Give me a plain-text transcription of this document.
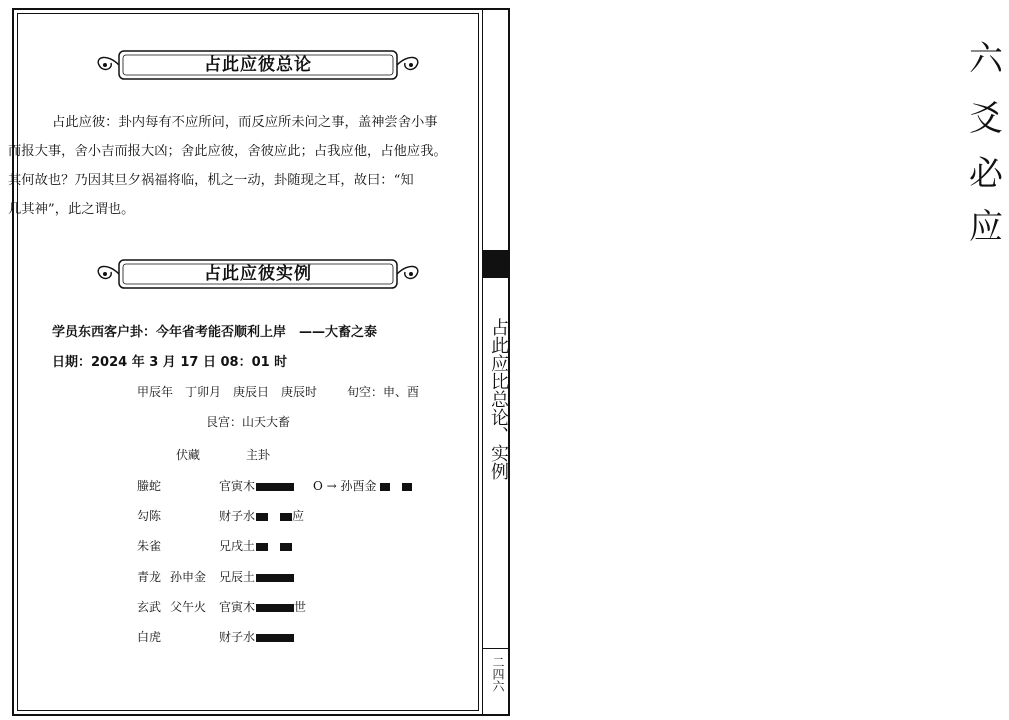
占此应彼总论
占此应彼：卦内每有不应所问，而反应所未问之事，盖神尝舍小事
而报大事，舍小吉而报大凶；舍此应彼，舍彼应此；占我应他，占他应我。
其何故也？乃因其旦夕祸福将临，机之一动，卦随现之耳，故曰：“知
几其神”，此之谓也。
占此应彼实例
学员东西客户卦：今年省考能否顺利上岸　——大畜之泰
日期：2024 年 3 月 17 日 08：01 时
甲辰年　丁卯月　庚辰日　庚辰时 旬空：申、酉
艮宫：山天大畜
伏藏	主卦
螣蛇	官寅木	O → 孙酉金
勾陈	财子水	应
朱雀	兄戌土
青龙 孙申金 兄辰土
玄武 父午火 官寅木	世
白虎	财子水
六
爻
必
应
占此应比总论、实例
二四六
